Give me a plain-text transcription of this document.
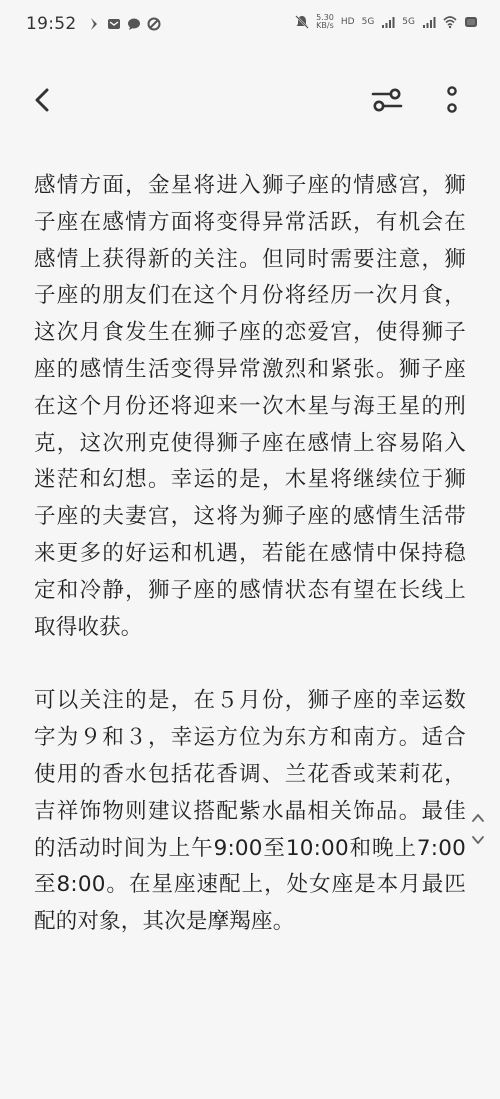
19:52	5.30
KB/s HD 5G	5G

感情方面，金星将进入狮子座的情感宫，狮子座在感情方面将变得异常活跃，有机会在感情上获得新的关注。但同时需要注意，狮子座的朋友们在这个月份将经历一次月食，这次月食发生在狮子座的恋爱宫，使得狮子座的感情生活变得异常激烈和紧张。狮子座在这个月份还将迎来一次木星与海王星的刑克，这次刑克使得狮子座在感情上容易陷入迷茫和幻想。幸运的是，木星将继续位于狮子座的夫妻宫，这将为狮子座的感情生活带来更多的好运和机遇，若能在感情中保持稳定和冷静，狮子座的感情状态有望在长线上取得收获。

可以关注的是，在５月份，狮子座的幸运数字为９和３，幸运方位为东方和南方。适合使用的香水包括花香调、兰花香或茉莉花，吉祥饰物则建议搭配紫水晶相关饰品。最佳的活动时间为上午9:00至10:00和晚上7:00至8:00。在星座速配上，处女座是本月最匹配的对象，其次是摩羯座。
